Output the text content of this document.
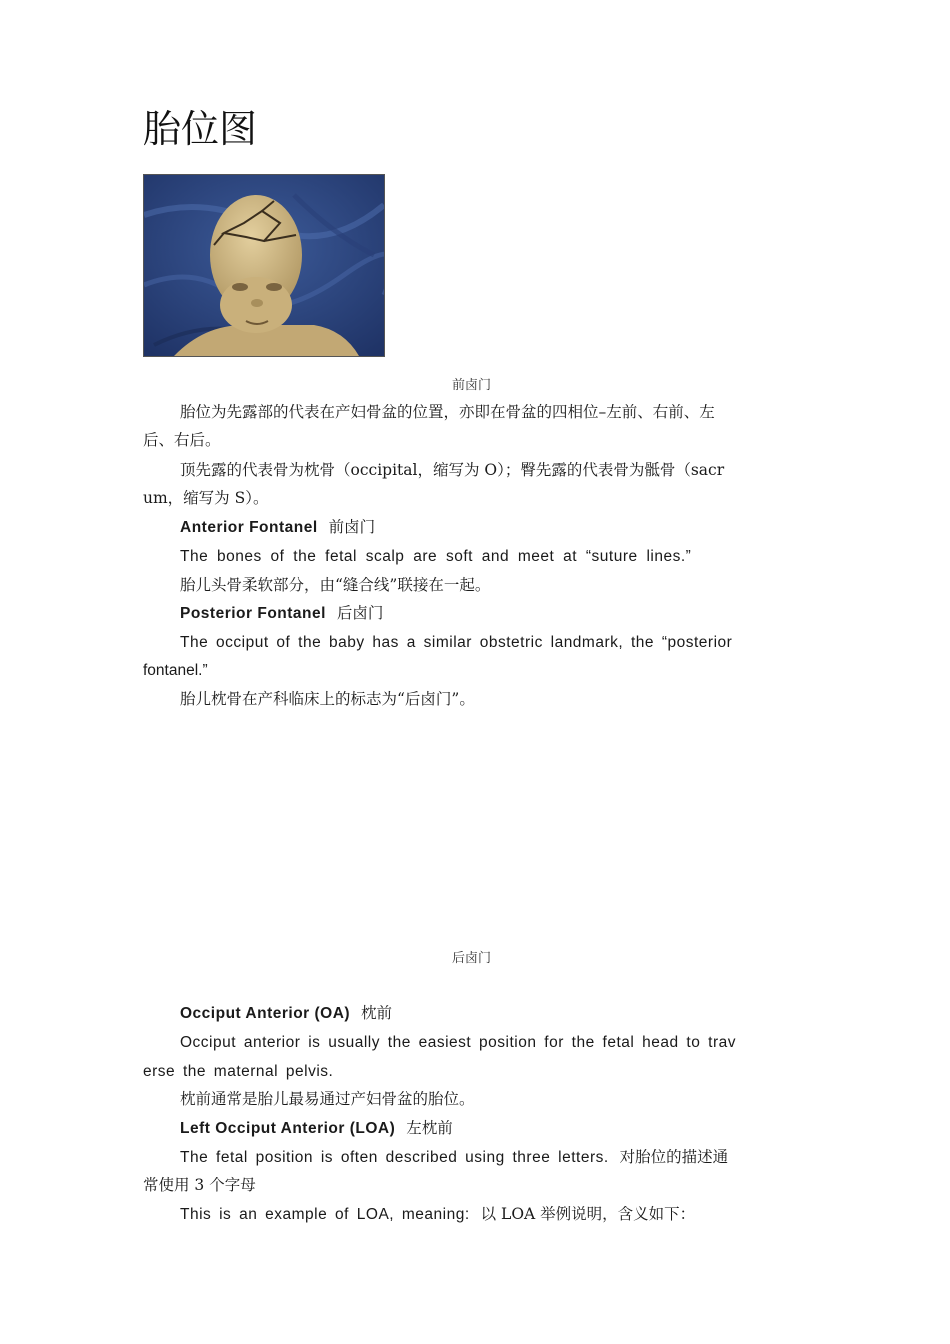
胎位图
前卤门
胎位为先露部的代表在产妇骨盆的位置，亦即在骨盆的四相位–左前、右前、左
后、右后。
顶先露的代表骨为枕骨（occipital，缩写为 O）；臀先露的代表骨为骶骨（sacr
um，缩写为 S）。
Anterior Fontanel 前卤门
The bones of the fetal scalp are soft and meet at “suture lines.”
胎儿头骨柔软部分，由“缝合线”联接在一起。
Posterior Fontanel 后卤门
The occiput of the baby has a similar obstetric landmark, the “posterior
fontanel.”
胎儿枕骨在产科临床上的标志为“后卤门”。
后卤门
Occiput Anterior (OA) 枕前
Occiput anterior is usually the easiest position for the fetal head to trav
erse the maternal pelvis.
枕前通常是胎儿最易通过产妇骨盆的胎位。
Left Occiput Anterior (LOA) 左枕前
The fetal position is often described using three letters. 对胎位的描述通
常使用 3 个字母
This is an example of LOA, meaning: 以 LOA 举例说明，含义如下：
